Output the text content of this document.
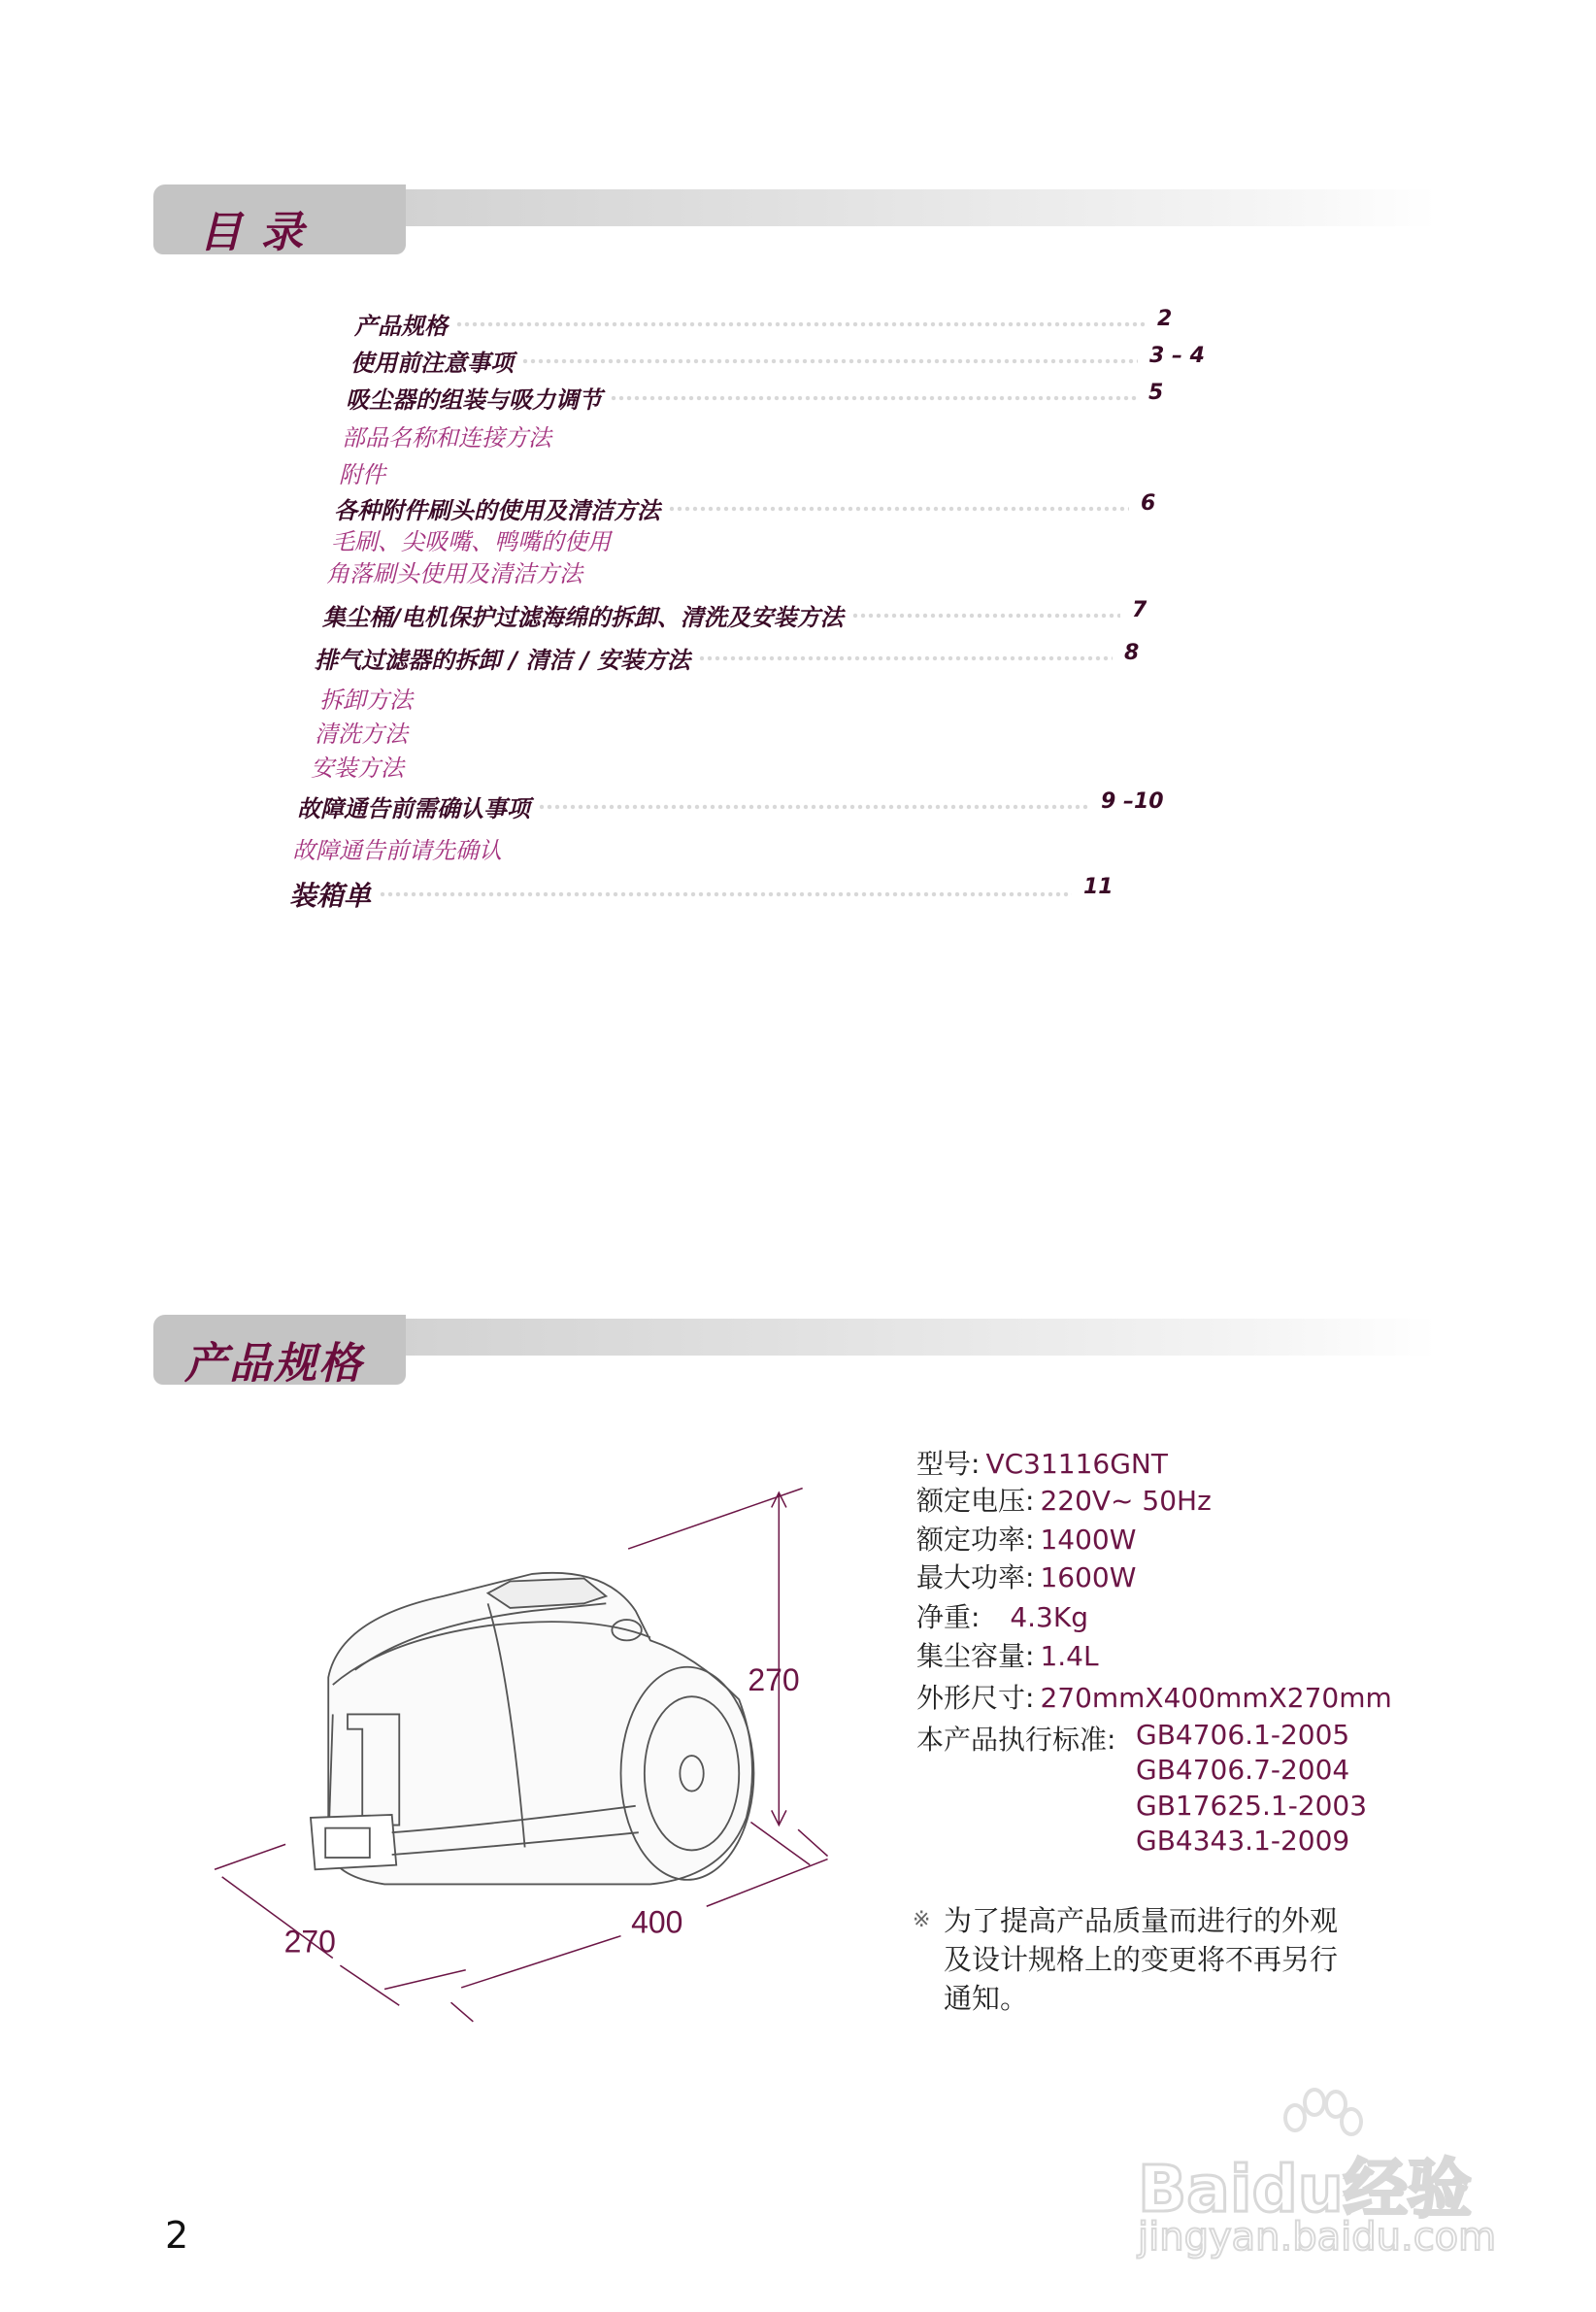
目 录
产品规格	2
使用前注意事项	3 – 4
吸尘器的组装与吸力调节	5
部品名称和连接方法
附件
各种附件刷头的使用及清洁方法	6
毛刷、尖吸嘴、鸭嘴的使用
角落刷头使用及清洁方法
集尘桶/电机保护过滤海绵的拆卸、清洗及安装方法	7
排气过滤器的拆卸 / 清洁 / 安装方法	8
拆卸方法
清洗方法
安装方法
故障通告前需确认事项	9 –10
故障通告前请先确认
装箱单	11
产品规格
270
400
270
型号: VC31116GNT
额定电压: 220V~ 50Hz
额定功率: 1400W
最大功率: 1600W
净重: 4.3Kg
集尘容量: 1.4L
外形尺寸: 270mmX400mmX270mm
本产品执行标准: GB4706.1-2005
GB4706.7-2004
GB17625.1-2003
GB4343.1-2009
※ 为了提高产品质量而进行的外观
及设计规格上的变更将不再另行
通知。
Baidu经验
jingyan.baidu.com
2
